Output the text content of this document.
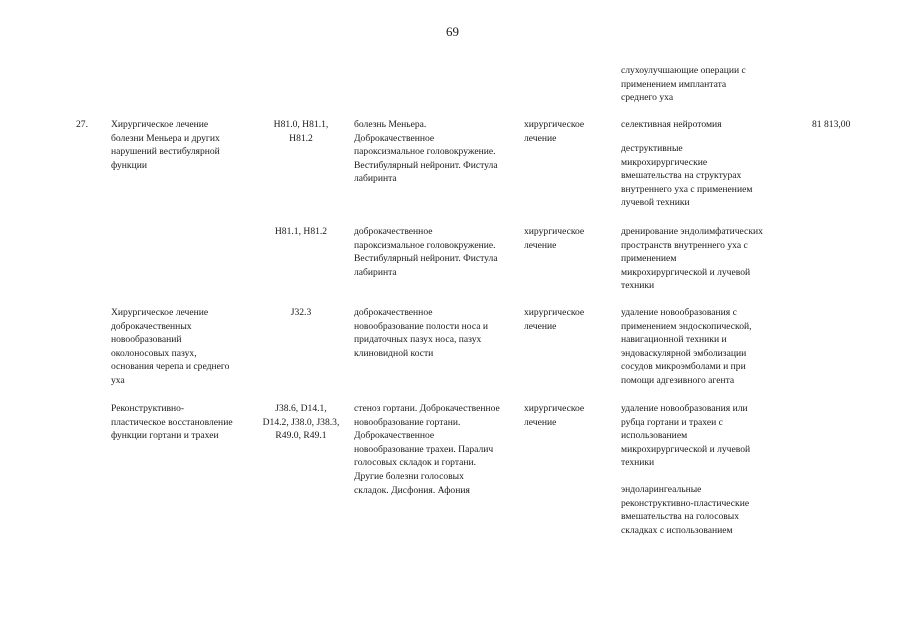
69
слухоулучшающие операции с
применением имплантата
среднего уха
27. Хирургическое лечение
болезни Меньера и других
нарушений вестибулярной
функции
H81.0, H81.1,
H81.2
болезнь Меньера.
Доброкачественное
пароксизмальное головокружение.
Вестибулярный нейронит. Фистула
лабиринта
хирургическое
лечение
селективная нейротомия
деструктивные
микрохирургические
вмешательства на структурах
внутреннего уха с применением
лучевой техники
81 813,00
H81.1, H81.2	доброкачественное
пароксизмальное головокружение.
Вестибулярный нейронит. Фистула
лабиринта
хирургическое
лечение
дренирование эндолимфатических
пространств внутреннего уха с
применением
микрохирургической и лучевой
техники
Хирургическое лечение
доброкачественных
новообразований
околоносовых пазух,
основания черепа и среднего
уха
J32.3	доброкачественное
новообразование полости носа и
придаточных пазух носа, пазух
клиновидной кости
хирургическое
лечение
удаление новообразования с
применением эндоскопической,
навигационной техники и
эндоваскулярной эмболизации
сосудов микроэмболами и при
помощи адгезивного агента
Реконструктивно-
пластическое восстановление
функции гортани и трахеи
J38.6, D14.1,
D14.2, J38.0, J38.3,
R49.0, R49.1
стеноз гортани. Доброкачественное
новообразование гортани.
Доброкачественное
новообразование трахеи. Паралич
голосовых складок и гортани.
Другие болезни голосовых
складок. Дисфония. Афония
хирургическое
лечение
удаление новообразования или
рубца гортани и трахеи с
использованием
микрохирургической и лучевой
техники
эндоларингеальные
реконструктивно-пластические
вмешательства на голосовых
складках с использованием
